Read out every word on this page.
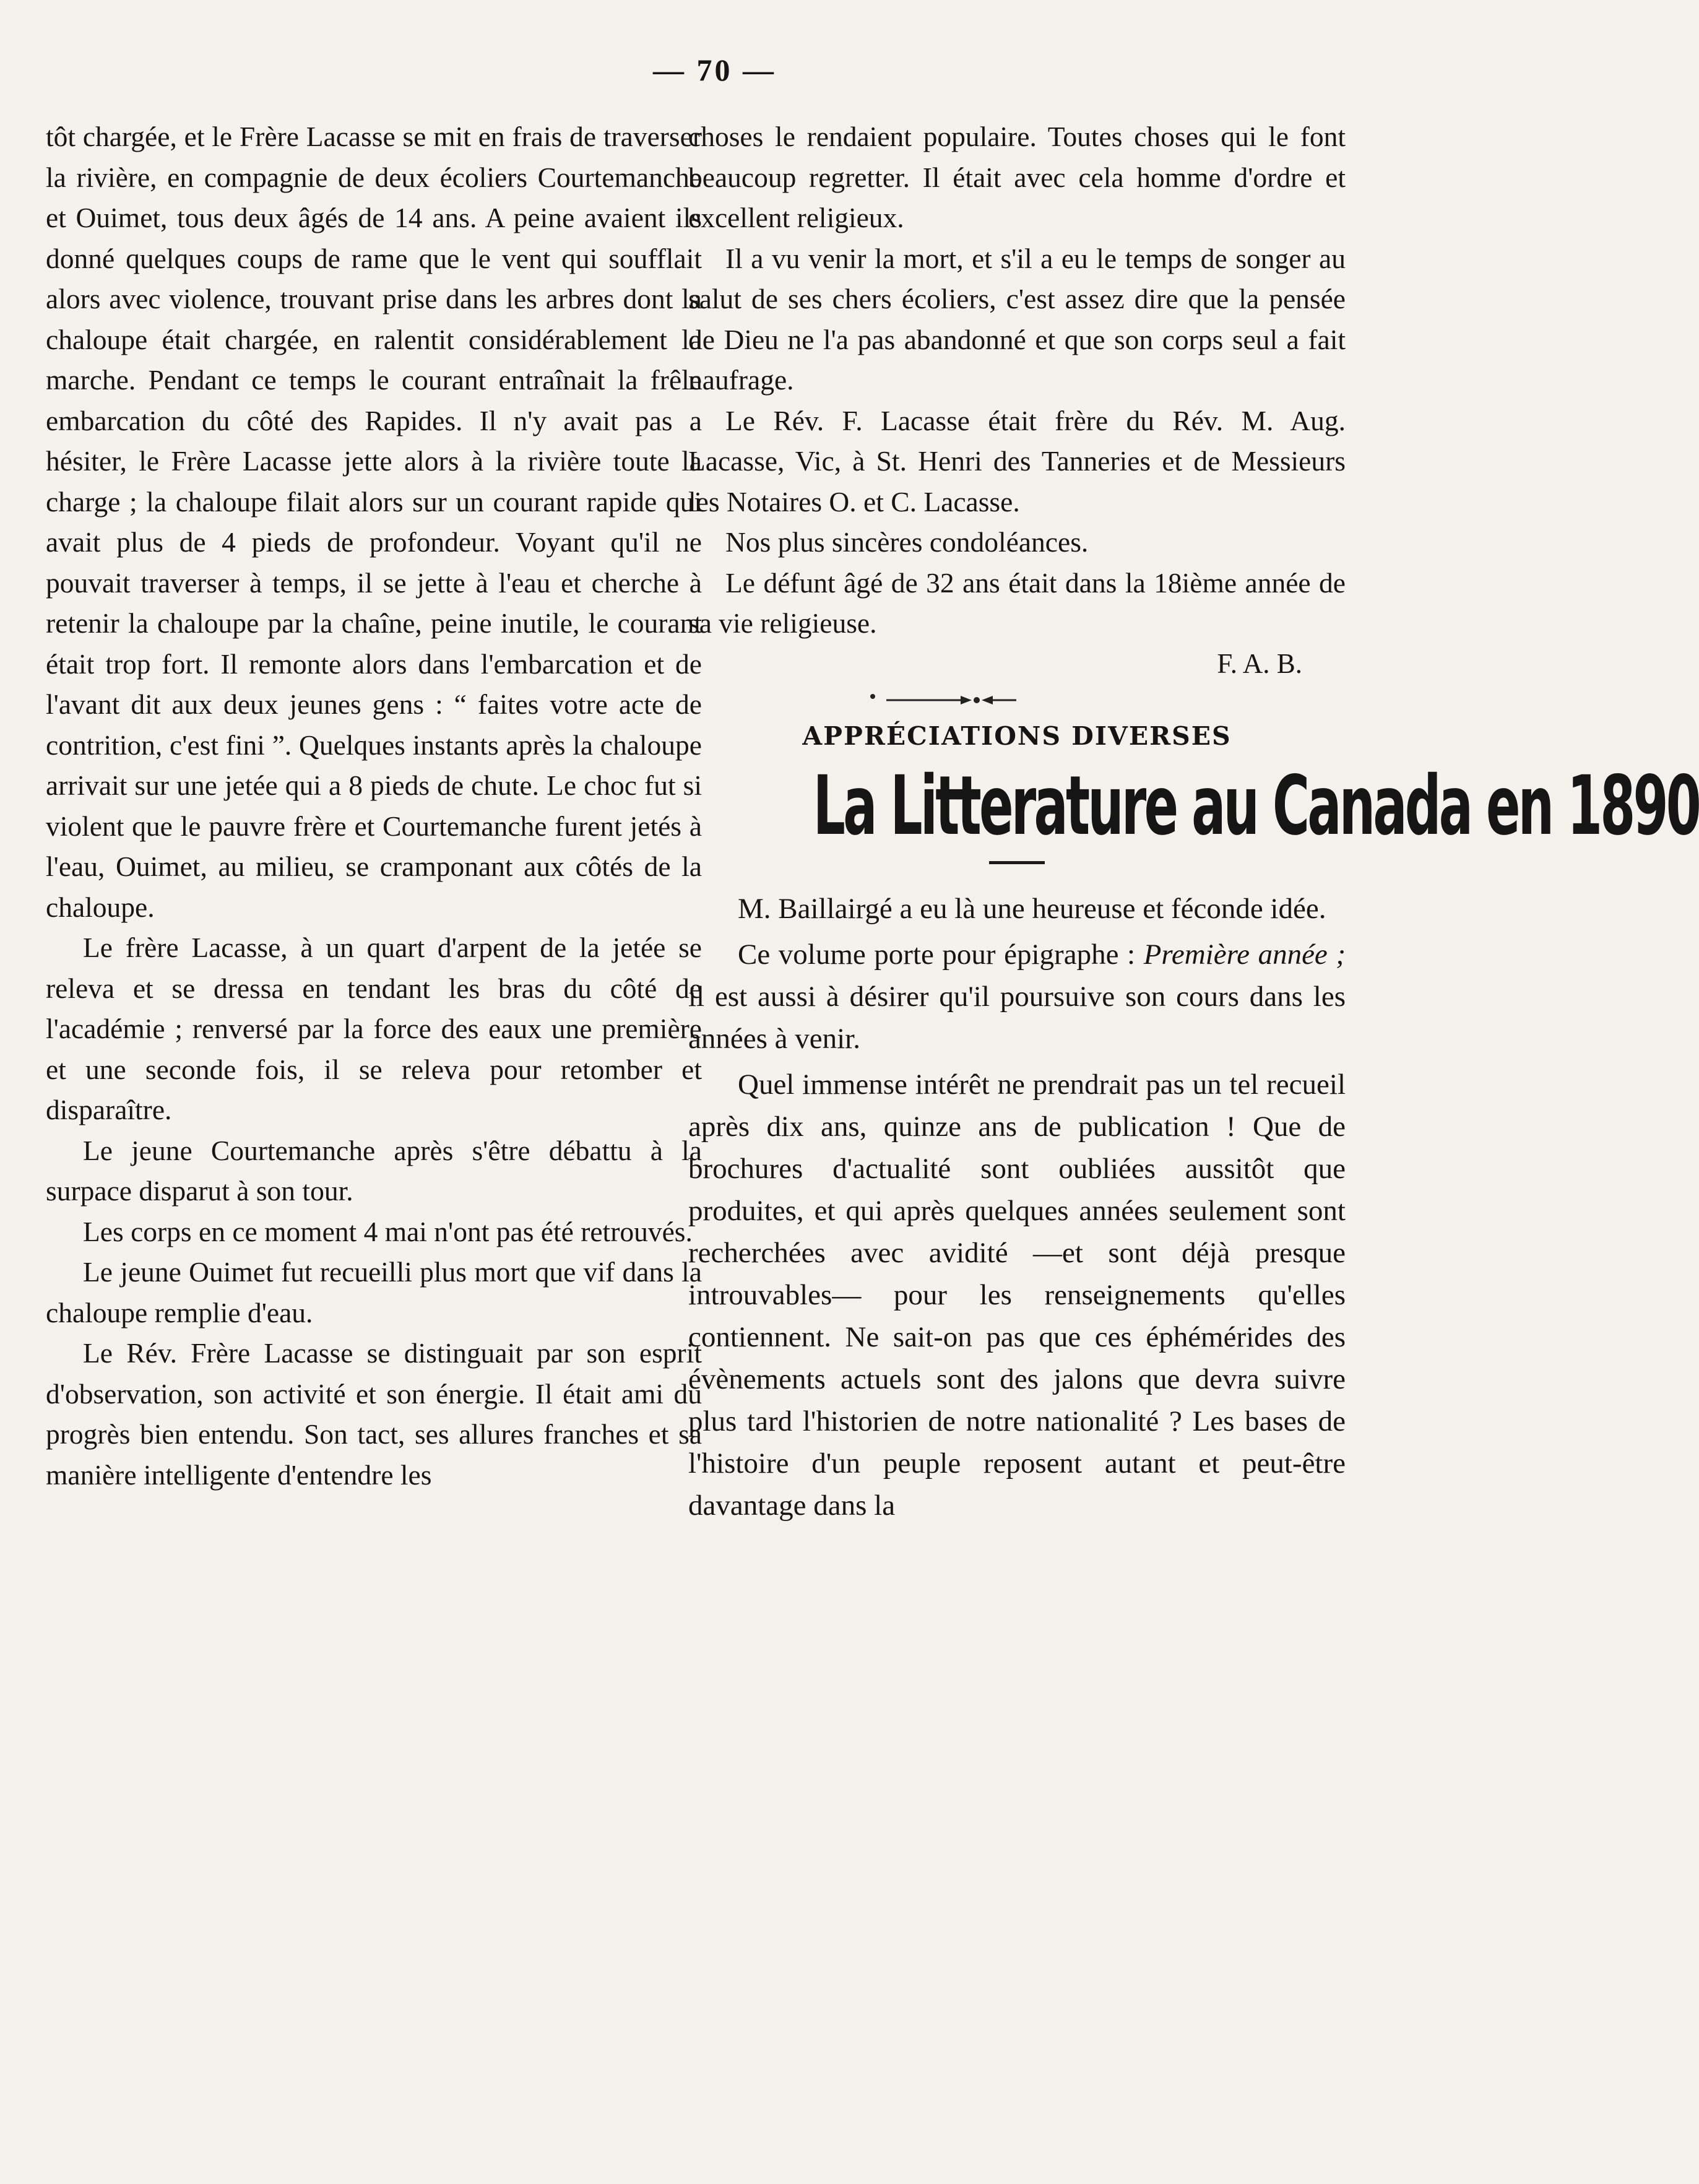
— 70 —

tôt chargée, et le Frère Lacasse se mit en frais de traverser la rivière, en compagnie de deux écoliers Courtemanche et Ouimet, tous deux âgés de 14 ans. A peine avaient ils donné quelques coups de rame que le vent qui soufflait alors avec violence, trouvant prise dans les arbres dont la chaloupe était chargée, en ralentit considérablement la marche. Pendant ce temps le courant entraînait la frêle embarcation du côté des Rapides. Il n'y avait pas a hésiter, le Frère Lacasse jette alors à la rivière toute la charge ; la chaloupe filait alors sur un courant rapide qui avait plus de 4 pieds de profondeur. Voyant qu'il ne pouvait traverser à temps, il se jette à l'eau et cherche à retenir la chaloupe par la chaîne, peine inutile, le courant était trop fort. Il remonte alors dans l'embarcation et de l'avant dit aux deux jeunes gens : “ faites votre acte de contrition, c'est fini ”. Quelques instants après la chaloupe arrivait sur une jetée qui a 8 pieds de chute. Le choc fut si violent que le pauvre frère et Courtemanche furent jetés à l'eau, Ouimet, au milieu, se cramponant aux côtés de la chaloupe.

Le frère Lacasse, à un quart d'arpent de la jetée se releva et se dressa en tendant les bras du côté de l'académie ; renversé par la force des eaux une première et une seconde fois, il se releva pour retomber et disparaître.

Le jeune Courtemanche après s'être débattu à la surpace disparut à son tour.

Les corps en ce moment 4 mai n'ont pas été retrouvés.

Le jeune Ouimet fut recueilli plus mort que vif dans la chaloupe remplie d'eau.

Le Rév. Frère Lacasse se distinguait par son esprit d'observation, son activité et son énergie. Il était ami du progrès bien entendu. Son tact, ses allures franches et sa manière intelligente d'entendre les

choses le rendaient populaire. Toutes choses qui le font beaucoup regretter. Il était avec cela homme d'ordre et excellent religieux.

Il a vu venir la mort, et s'il a eu le temps de songer au salut de ses chers écoliers, c'est assez dire que la pensée de Dieu ne l'a pas abandonné et que son corps seul a fait naufrage.

Le Rév. F. Lacasse était frère du Rév. M. Aug. Lacasse, Vic, à St. Henri des Tanneries et de Messieurs les Notaires O. et C. Lacasse.

Nos plus sincères condoléances.

Le défunt âgé de 32 ans était dans la 18ième année de sa vie religieuse.

F. A. B.

APPRÉCIATIONS DIVERSES
La Litterature au Canada en 1890

M. Baillairgé a eu là une heureuse et féconde idée.

Ce volume porte pour épigraphe : Première année ; il est aussi à désirer qu'il poursuive son cours dans les années à venir.

Quel immense intérêt ne prendrait pas un tel recueil après dix ans, quinze ans de publication ! Que de brochures d'actualité sont oubliées aussitôt que produites, et qui après quelques années seulement sont recherchées avec avidité —et sont déjà presque introuvables— pour les renseignements qu'elles contiennent. Ne sait-on pas que ces éphémérides des évènements actuels sont des jalons que devra suivre plus tard l'historien de notre nationalité ? Les bases de l'histoire d'un peuple reposent autant et peut-être davantage dans la
